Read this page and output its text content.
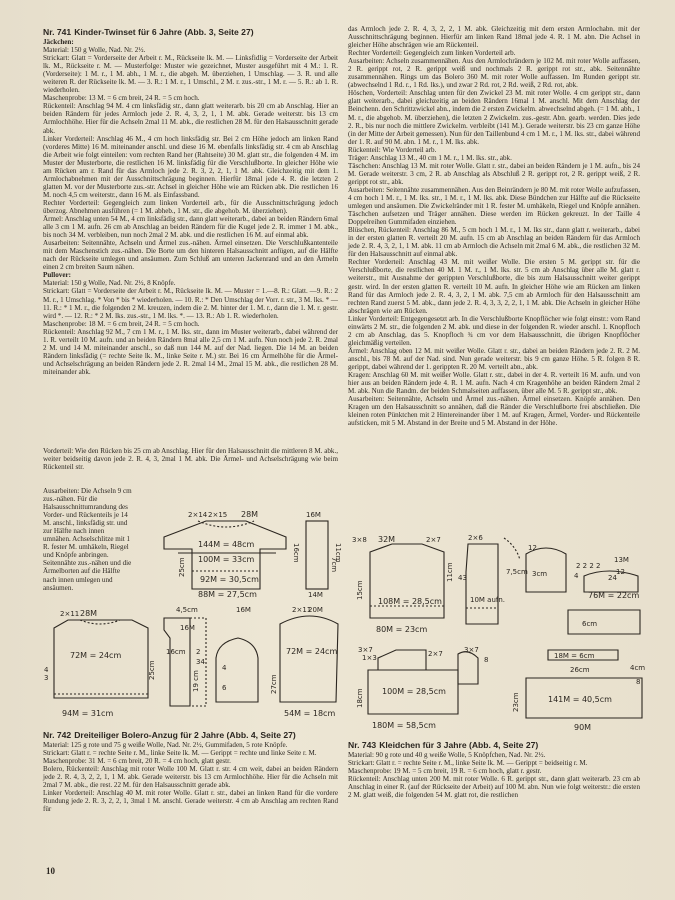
Nr. 741 Kinder-Twinset für 6 Jahre (Abb. 3, Seite 27)

Jäckchen:

Material: 150 g Wolle, Nad. Nr. 2½.

Strickart: Glatt = Vorderseite der Arbeit r. M., Rückseite lk. M. — Linksfidlig = Vorderseite der Arbeit lk. M., Rückseite r. M. — Musterfolge: Muster wie gezeichnet, Muster ausgeführt mit 4 M.: 1. R. (Vorderseite): 1 M. r., 1 M. abh., 1 M. r., die abgeh. M. überziehen, 1 Umschlag. — 3. R. und alle weiteren R. der Rückseite lk. M. — 3. R.: 1 M. r., 1 Umschl., 2 M. r. zus.-str., 1 M. r. — 5. R.: ab 1. R. wiederholen.

Maschenprobe: 13 M. = 6 cm breit, 24 R. = 5 cm hoch.

Rückenteil: Anschlag 94 M. 4 cm linksfädig str., dann glatt weiterarb. bis 20 cm ab Anschlag. Hier an beiden Rändern für jedes Armloch jede 2. R. 4, 3, 2, 1, 1 M. abk. Gerade weiterstr. bis 13 cm Armlochhöhe. Hier für die Achseln 2mal 11 M. abk., die restlichen 28 M. für den Halsausschnitt gerade abk.

Linker Vorderteil: Anschlag 46 M., 4 cm hoch linksfädig str. Bei 2 cm Höhe jedoch am linken Rand (vorderes Mitte) 16 M. miteinander anschl. und diese 16 M. ebenfalls linksfädig str. 4 cm ab Anschlag die Arbeit wie folgt einteilen: vom rechten Rand her (Rahtseite) 30 M. glatt str., die folgenden 4 M. im Muster der Musterborte, die restlichen 16 M. linksfädig für die Verschlußborte. In gleicher Höhe wie am Rücken am r. Rand für das Armloch jede 2. R. 3, 2, 2, 1, 1 M. abk. Gleichzeitig mit dem 1. Armlochabnehmen mit der Ausschnittschrägung beginnen. Hierfür 18mal jede 4. R. die letzten 2 glatten M. vor der Musterborte zus.-str. Achsel in gleicher Höhe wie am Rücken abk. Die restlichen 16 M. noch 4,5 cm weiterstr., dann 16 M. als Einfassband.

Rechter Vorderteil: Gegengleich zum linken Vorderteil arb., für die Ausschnittschrägung jedoch überzog. Abnehmen ausführen (= 1 M. abheb., 1 M. str., die abgehob. M. überziehen).

Ärmel: Anschlag unten 54 M., 4 cm linksfädig str., dann glatt weiterarb., dabei an beiden Rändern 6mal alle 3 cm 1 M. aufn. 26 cm ab Anschlag an beiden Rändern für die Kugel jede 2. R. immer 1 M. abk., bis noch 34 M. verbleiben, nun noch 2mal 2 M. abk. und die restlichen 16 M. auf einmal abk.

Ausarbeiten: Seitennähte, Achseln und Ärmel zus.-nähen. Ärmel einsetzen. Die Verschlußkantenteile mit dem Maschenstich zus.-nähen. Die Borte um den hinteren Halsausschnitt anfügen, auf die Hälfte nach der Rückseite umlegen und ansäumen. Zum Schluß am unteren Jackenrand und an den Ärmeln einen 2 cm breiten Saum nähen.

Pullover:

Material: 150 g Wolle, Nad. Nr. 2½, 8 Knöpfe.

Strickart: Glatt = Vorderseite der Arbeit r. M., Rückseite lk. M. — Muster = 1.—8. R.: Glatt. —9. R.: 2 M. r., 1 Umschlag. * Von * bis * wiederholen. — 10. R.: * Den Umschlag der Vorr. r. str., 3 M. lks. * — 11. R.: * 1 M. r., die folgenden 2 M. kreuzen, indem die 2. M. hinter der 1. M. r., dann die 1. M. r. gestr. wird *. — 12. R.: * 2 M. lks. zus.-str., 1 M. lks. *. — 13. R.: Ab 1. R. wiederholen.

Maschenprobe: 18 M. = 6 cm breit, 24 R. = 5 cm hoch.

Rückenteil: Anschlag 92 M., 7 cm 1 M. r., 1 M. lks. str., dann im Muster weiterarb., dabei während der 1. R. verteilt 10 M. aufn. und an beiden Rändern 8mal alle 2,5 cm 1 M. aufn. Nun noch jede 2. R. 2mal 2 M. und 14 M. miteinander anschl., so daß nun 144 M. auf der Nad. liegen. Die 14 M. an beiden Rändern linksfädig (= rechte Seite lk. M., linke Seite r. M.) str. Bei 16 cm Ärmelhöhe für die Ärmel- und Achselschrägung an beiden Rändern jede 2. R. 2mal 14 M., 2mal 15 M. abk., die restlichen 28 M. miteinander abk.

Vorderteil: Wie den Rücken bis 25 cm ab Anschlag. Hier für den Halsausschnitt die mittleren 8 M. abk., weiter beidseitig davon jede 2. R. 4, 3, 2mal 1 M. abk. Die Ärmel- und Achselschrägung wie beim Rückenteil str.

Ausarbeiten: Die Achseln 9 cm zus.-nähen. Für die Halsausschnittumrandung des Vorder- und Rückenteils je 14 M. anschl., linksfädig str. und zur Hälfte nach innen umnähen. Achselschlitze mit 1 R. fester M. umhäkeln, Riegel und Knöpfe anbringen. Seitennähte zus.-nähen und die Ärmelborten auf die Hälfte nach innen umlegen und ansäumen.

2×14 2×15 28M
144M = 48cm
100M = 33cm
92M = 30,5cm
88M = 27,5cm
16cm
25cm	7cm
16M
11cm
14M
2×11 28M
72M = 24cm
94M = 31cm
4,5cm
16M
16cm
25cm
2
34
19 cm
72M = 24cm
54M = 18cm
16M	2×11
20M
27cm
4
3
4
6

Nr. 742 Dreiteiliger Bolero-Anzug für 2 Jahre (Abb. 4, Seite 27)

Material: 125 g rote und 75 g weiße Wolle, Nad. Nr. 2½, Gummifaden, 5 rote Knöpfe.

Strickart: Glatt r. = rechte Seite r. M., linke Seite lk. M. — Gerippt = rechte und linke Seite r. M.

Maschenprobe: 31 M. = 6 cm breit, 20 R. = 4 cm hoch, glatt gestr.

Bolero, Rückenteil: Anschlag mit roter Wolle 100 M. Glatt r. str. 4 cm weit, dabei an beiden Rändern jede 2. R. 4, 3, 2, 2, 1, 1 M. abk. Gerade weiterstr. bis 13 cm Armlochhöhe. Hier für die Achseln mit 2mal 7 M. abk., die rest. 22 M. für den Halsausschnitt gerade abk.

Linker Vorderteil: Anschlag 40 M. mit roter Wolle. Glatt r. str., dabei an linken Rand für die vordere Rundung jede 2. R. 3, 2, 2, 1, 3mal 1 M. anschl. Gerade weiterstr. 4 cm ab Anschlag am rechten Rand für

das Armloch jede 2. R. 4, 3, 2, 2, 1 M. abk. Gleichzeitig mit dem ersten Armlochabn. mit der Ausschnittschrägung beginnen. Hierfür am linken Rand 18mal jede 4. R. 1 M. abn. Die Achsel in gleicher Höhe abschrägen wie am Rückenteil.

Rechter Vorderteil: Gegengleich zum linken Vorderteil arb.

Ausarbeiten: Achseln zusammennähen. Aus den Armlochrändern je 102 M. mit roter Wolle auffassen, 2 R. gerippt rot, 2 R. gerippt weiß und nochmals 2 R. gerippt rot str., abk. Seitennähte zusammennähen. Rings um das Bolero 360 M. mit roter Wolle auffassen. Im Runden gerippt str. (abwechselnd 1 Rd. r., 1 Rd. lks.), und zwar 2 Rd. rot, 2 Rd. weiß, 2 Rd. rot, abk.

Höschen, Vorderteil: Anschlag unten für den Zwickel 23 M. mit roter Wolle. 4 cm gerippt str., dann glatt weiterarb., dabei gleichzeitig an beiden Rändern 16mal 1 M. anschl. Mit dem Anschlag der Beinchenn. den Schrittzwickel abn., indem die 2 ersten Zwickelm. abwechselnd abgeh. (= 1 M. abh., 1 M. r., die abgehob. M. überziehen), die letzten 2 Zwickelm. zus.-gestr. Abn. gearb. werden. Dies jede 2. R., bis nur noch die mittlere Zwickelm. verbleibt (141 M.). Gerade weiterstr. bis 23 cm ganze Höhe (in der Mitte der Arbeit gemessen). Nun für den Taillenbund 4 cm 1 M. r., 1 M. lks. str., dabei während der 1. R. auf 90 M. abn. 1 M. r., 1 M. lks. abk.

Rückenteil: Wie Vorderteil arb.

Träger: Anschlag 13 M., 40 cm 1 M. r., 1 M. lks. str., abk.

Täschchen: Anschlag 13 M. mit roter Wolle. Glatt r. str., dabei an beiden Rändern je 1 M. aufn., bis 24 M. Gerade weiterstr. 3 cm, 2 R. ab Anschlag als Abschluß 2 R. gerippt rot, 2 R. gerippt weiß, 2 R. gerippt rot str., abk.

Ausarbeiten: Seitennähte zusammennähen. Aus den Beinrändern je 80 M. mit roter Wolle aufzufassen, 4 cm hoch 1 M. r., 1 M. lks. str., 1 M. r., 1 M. lks. abk. Diese Bündchen zur Hälfte auf die Rückseite umlegen und ansäumen. Die Zwickelränder mit 1 R. fester M. umhäkeln, Riegel und Knöpfe annähen. Täschchen aufsetzen und Träger annähen. Diese werden im Rücken gekreuzt. In der Taille 4 Doppelreihen Gummifaden einziehen.

Blüschen, Rückenteil: Anschlag 86 M., 5 cm hoch 1 M. r., 1 M. lks str., dann glatt r. weiterarb., dabei in der ersten glatten R. verteilt 20 M. aufn. 15 cm ab Anschlag an beiden Rändern für das Armloch jede 2. R. 4, 3, 2, 1, 1 M. abk. 11 cm ab Armloch die Achseln mit 2mal 6 M. abk., die restlichen 32 M. für den Halsausschnitt auf einmal abk.

Rechter Vorderteil: Anschlag 43 M. mit weißer Wolle. Die ersten 5 M. gerippt str. für die Verschlußborte, die restlichen 40 M. 1 M. r., 1 M. lks. str. 5 cm ab Anschlag über alle M. glatt r. weiterstr., mit Ausnahme der gerippten Verschlußborte, die bis zum Halsausschnitt weiter gerippt gestr. wird. In der ersten glatten R. verteilt 10 M. aufn. In gleicher Höhe wie am Rücken am linken Rand für das Armloch jede 2. R. 4, 3, 2, 1 M. abk. 7,5 cm ab Armloch für den Halsausschnitt am rechten Rand zuerst 5 M. abk., dann jede 2. R. 4, 3, 3, 2, 2, 1, 1 M. abk. Die Achseln in gleicher Höhe abschrägen wie am Rücken.

Linker Vorderteil: Entgegengesetzt arb. In die Verschlußborte Knopflöcher wie folgt einstr.: vom Rand einwärts 2 M. str., die folgenden 2 M. abk. und diese in der folgenden R. wieder anschl. 1. Knopfloch 2 cm ab Anschlag, das 5. Knopfloch ¾ cm vor dem Halsausschnitt, die übrigen Knopflöcher gleichmäßig verteilen.

Ärmel: Anschlag oben 12 M. mit weißer Wolle. Glatt r. str., dabei an beiden Rändern jede 2. R. 2 M. anschl., bis 78 M. auf der Nad. sind. Nun gerade weiterstr. bis 9 cm ganze Höhe. 5 R. folgen 8 R. gerippt, dabei während der 1. gerippten R. 20 M. verteilt abn., abk.

Kragen: Anschlag 60 M. mit weißer Wolle. Glatt r. str., dabei in der 4. R. verteilt 16 M. aufn. und von hier aus an beiden Rändern jede 4. R. 1 M. aufn. Nach 4 cm Kragenhöhe an beiden Rändern 2mal 2 M. abk. Nun die Randm. der beiden Schmalseiten auffassen, über alle M. 5 R. gerippt str., abk.

Ausarbeiten: Seitennähte, Achseln und Ärmel zus.-nähen. Ärmel einsetzen. Knöpfe annähen. Den Kragen um den Halsausschnitt so annähen, daß die Ränder die Verschlußborte frei abschließen. Die kleinen roten Pünktchen mit 2 Hintereinander über 1 M. auf Kragen, Ärmel, Vorder- und Rückenteile aufsticken, mit 5 M. Abstand in der Breite und 5 M. Abstand in der Höhe.

3×8 32M	2×7	2×6
11cm
15cm
108M = 28,5cm
80M = 23cm
7,5cm
10M aufn.
43
12
3cm
76M = 22cm
12
13M
24
2 2 2 2
4
6cm
3×7
1×3	2×7
8
18cm
3×7
100M = 28,5cm
18M = 6cm
180M = 58,5cm
141M = 40,5cm
26cm
23cm
4cm
8
90M

Nr. 743 Kleidchen für 3 Jahre (Abb. 4, Seite 27)

Material: 90 g rote und 40 g weiße Wolle, 5 Knöpfchen, Nad. Nr. 2½.

Strickart: Glatt r. = rechte Seite r. M., linke Seite lk. M. — Gerippt = beidseitig r. M.

Maschenprobe: 19 M. = 5 cm breit, 19 R. = 6 cm hoch, glatt r. gestr.

Rückenteil: Anschlag unten 200 M. mit roter Wolle. 6 R. gerippt str., dann glatt weiterarb. 23 cm ab Anschlag in einer R. (auf der Rückseite der Arbeit) auf 100 M. abn. Nun wie folgt weiterstr.: die ersten 2 M. glatt weiß, die folgenden 54 M. glatt rot, die restlichen

10
